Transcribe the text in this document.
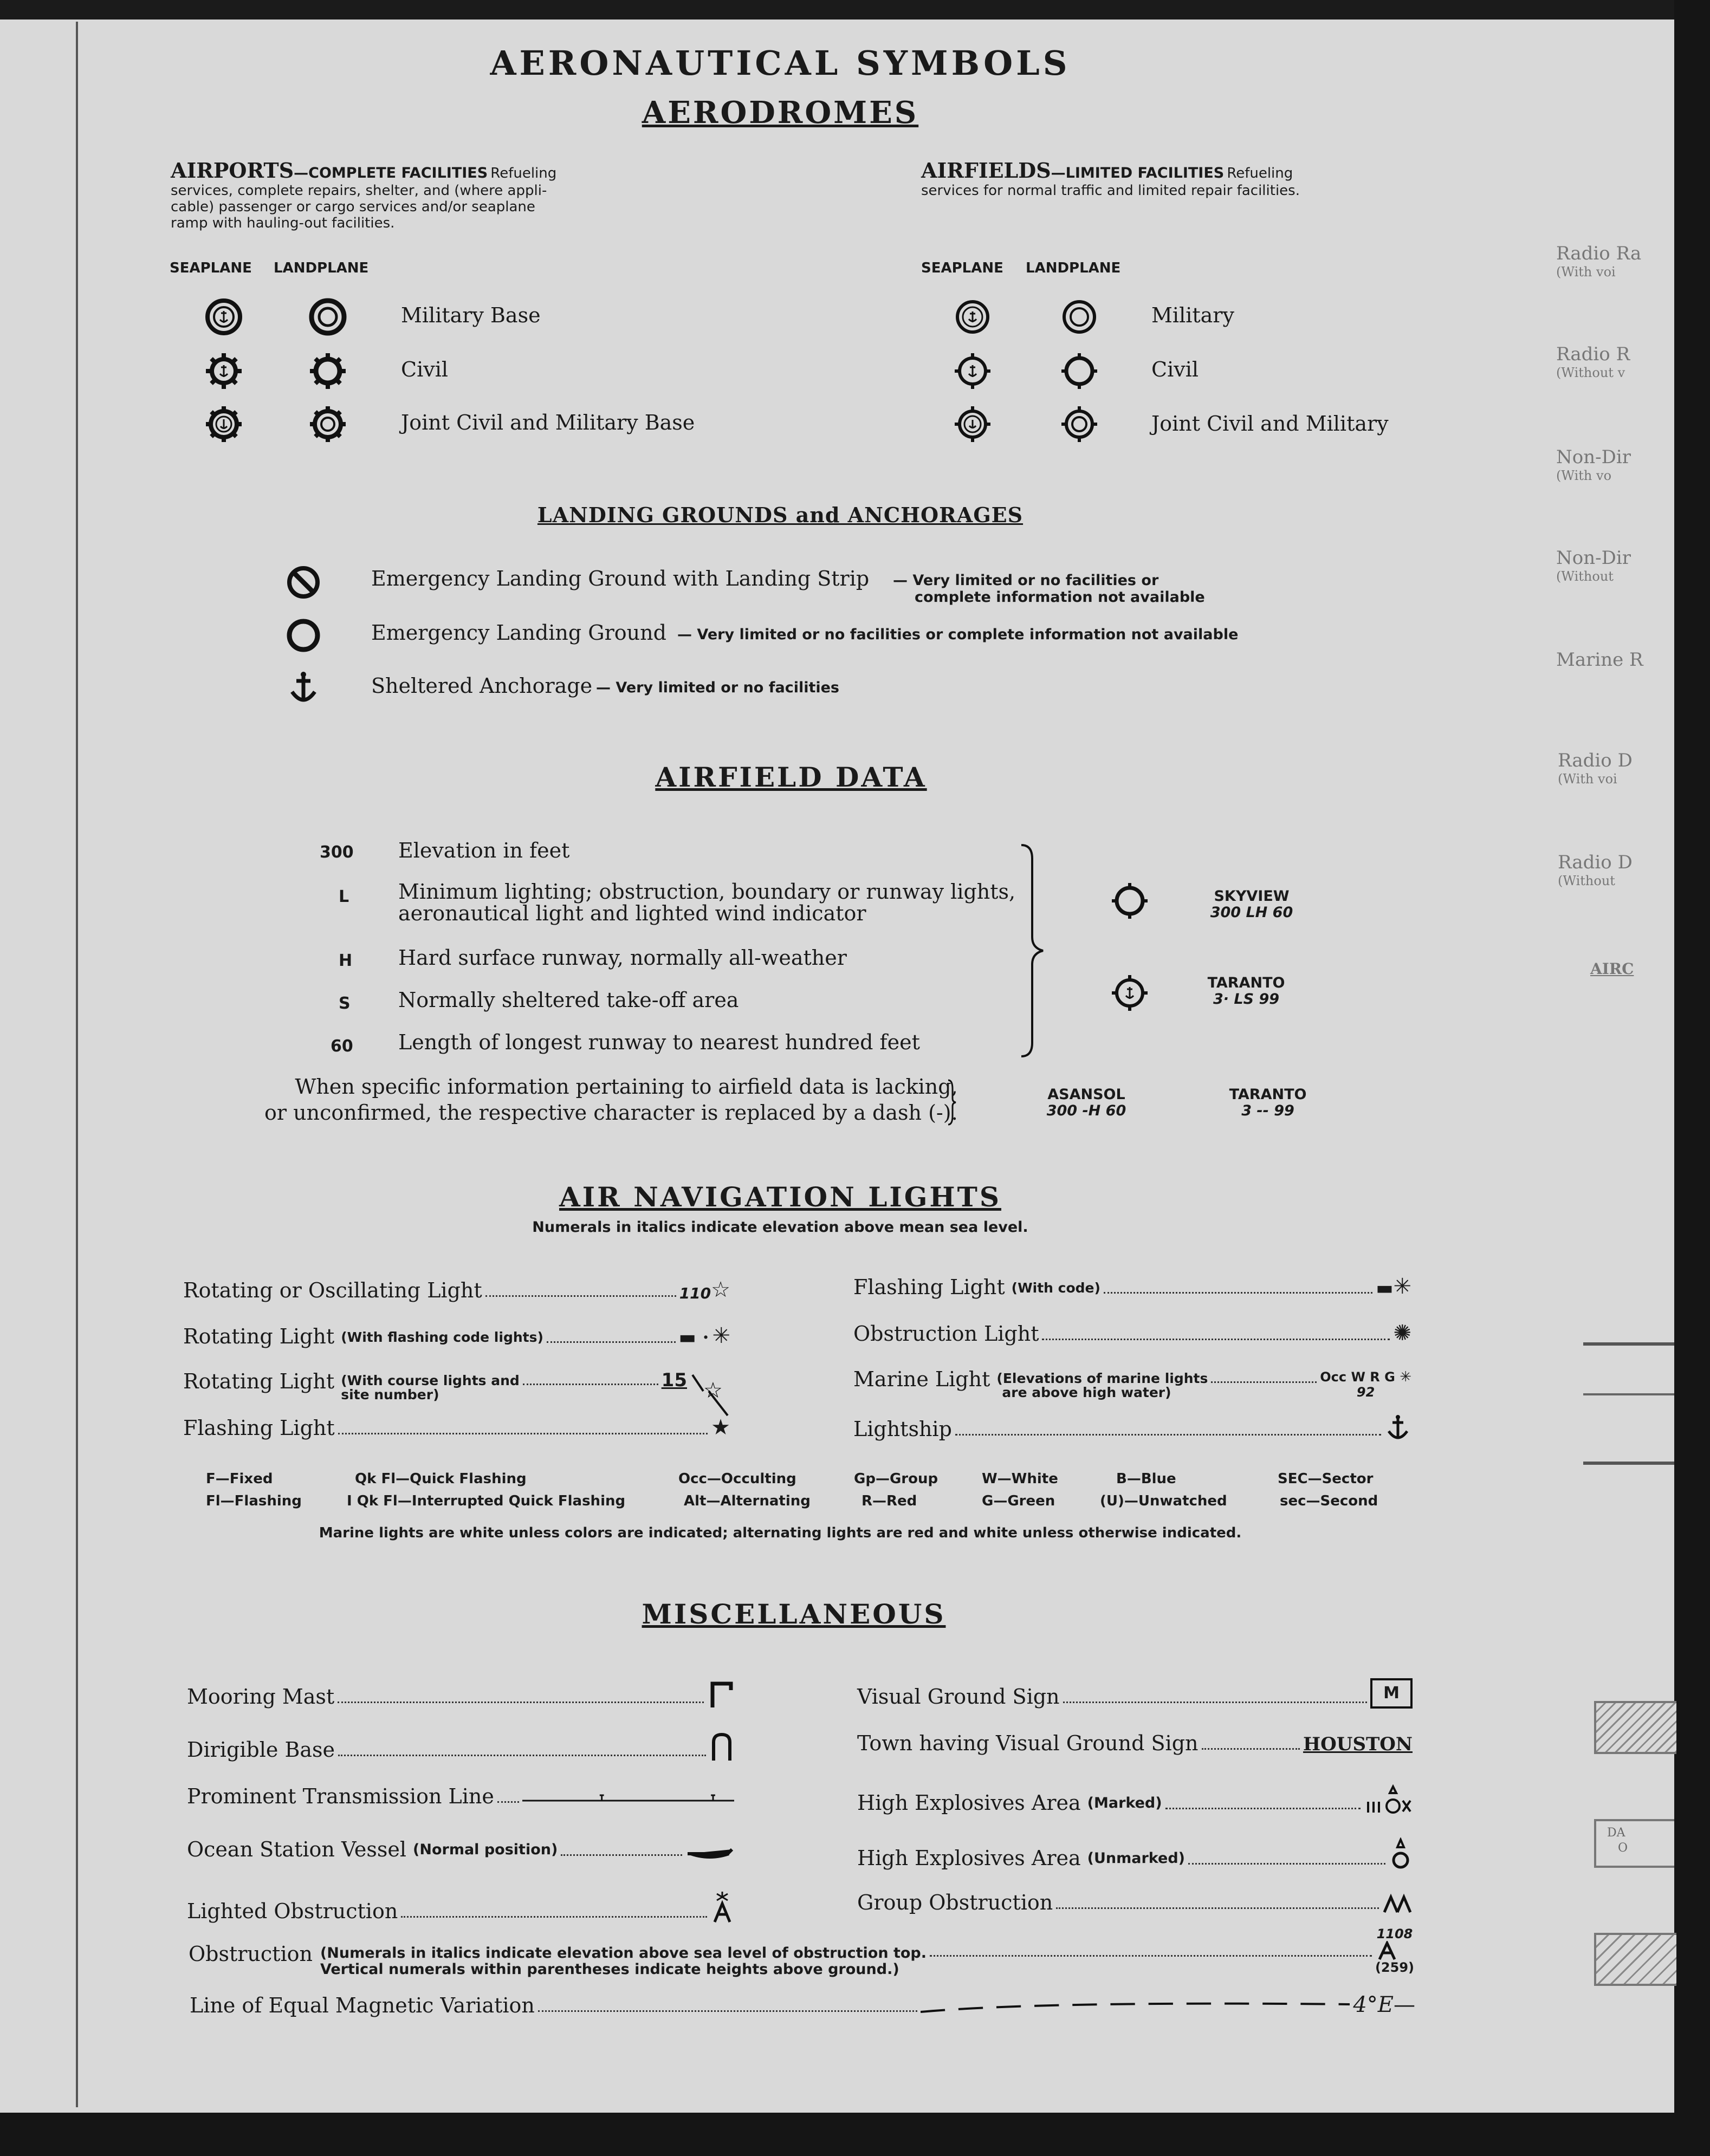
AERONAUTICAL SYMBOLS
AERODROMES
AIRPORTS—COMPLETE FACILITIES Refueling
services, complete repairs, shelter, and (where appli-
cable) passenger or cargo services and/or seaplane
ramp with hauling-out facilities.
AIRFIELDS—LIMITED FACILITIES Refueling
services for normal traffic and limited repair facilities.
SEAPLANE LANDPLANE	SEAPLANE LANDPLANE
Military Base
Civil
Joint Civil and Military Base
Military
Civil
Joint Civil and Military
LANDING GROUNDS and ANCHORAGES
Emergency Landing Ground with Landing Strip — Very limited or no facilities or
complete information not available
Emergency Landing Ground — Very limited or no facilities or complete information not available
Sheltered Anchorage — Very limited or no facilities
AIRFIELD DATA
300 Elevation in feet
L Minimum lighting; obstruction, boundary or runway lights,
aeronautical light and lighted wind indicator
H Hard surface runway, normally all-weather
S Normally sheltered take-off area
60 Length of longest runway to nearest hundred feet
SKYVIEW
300 LH 60
TARANTO
3· LS 99
When specific information pertaining to airfield data is lacking,
or unconfirmed, the respective character is replaced by a dash (-).
ASANSOL
300 -H 60
TARANTO
3 -- 99
AIR NAVIGATION LIGHTS
Numerals in italics indicate elevation above mean sea level.
Rotating or Oscillating Light	110 ☆
Rotating Light (With flashing code lights)	▬ · ✳
Rotating Light (With course lights and
site number)
15 ☆
Flashing Light	★
Flashing Light (With code)	▬ ✳
Obstruction Light	✺
Marine Light (Elevations of marine lights
are above high water)
Occ W R G ✳
92
Lightship
F—Fixed	Qk Fl—Quick Flashing	Occ—Occulting	Gp—Group	W—White	B—Blue	SEC—Sector
Fl—Flashing	I Qk Fl—Interrupted Quick Flashing	Alt—Alternating	R—Red	G—Green	(U)—Unwatched	sec—Second
Marine lights are white unless colors are indicated; alternating lights are red and white unless otherwise indicated.
MISCELLANEOUS
Mooring Mast
Dirigible Base
Prominent Transmission Line
Ocean Station Vessel (Normal position)
Lighted Obstruction
Visual Ground Sign	M
Town having Visual Ground Sign	HOUSTON
High Explosives Area (Marked)
High Explosives Area (Unmarked)
Group Obstruction
Obstruction (Numerals in italics indicate elevation above sea level of obstruction top.
Vertical numerals within parentheses indicate heights above ground.)
1108
(259)
Line of Equal Magnetic Variation	4°E —
Radio Ra
(With voi
Radio R
(Without v
Non-Dir
(With vo
Non-Dir
(Without
Marine R
Radio D
(With voi
Radio D
(Without
AIRC
DA
O
